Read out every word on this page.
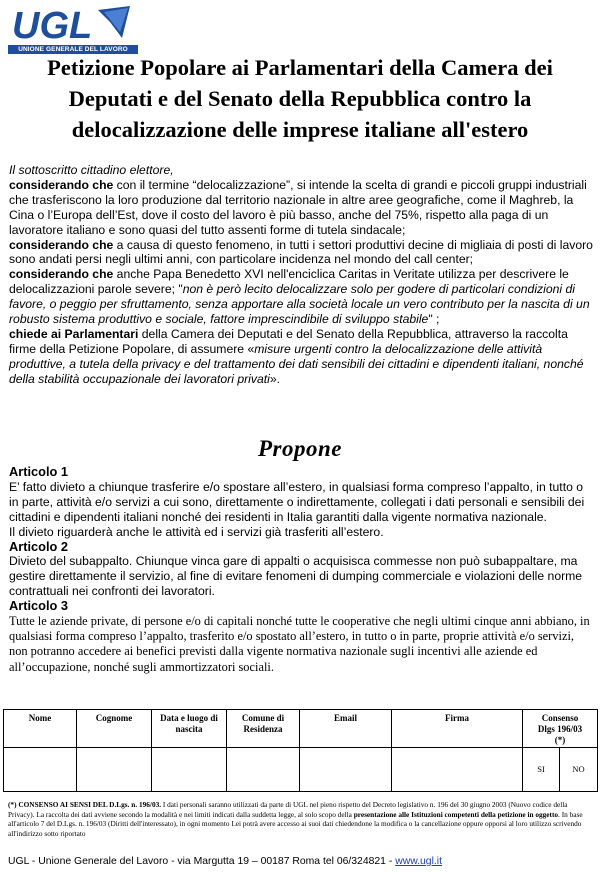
UGL
UNIONE GENERALE DEL LAVORO
Petizione Popolare ai Parlamentari della Camera dei Deputati e del Senato della Repubblica contro la delocalizzazione delle imprese italiane all'estero

Il sottoscritto cittadino elettore,

considerando che con il termine “delocalizzazione”, si intende la scelta di grandi e piccoli gruppi industriali che trasferiscono la loro produzione dal territorio nazionale in altre aree geografiche, come il Maghreb, la Cina o l’Europa dell’Est, dove il costo del lavoro è più basso, anche del 75%, rispetto alla paga di un lavoratore italiano e sono quasi del tutto assenti forme di tutela sindacale;

considerando che a causa di questo fenomeno, in tutti i settori produttivi decine di migliaia di posti di lavoro sono andati persi negli ultimi anni, con particolare incidenza nel mondo del call center;

considerando che anche Papa Benedetto XVI nell'enciclica Caritas in Veritate utilizza per descrivere le delocalizzazioni parole severe; "non è però lecito delocalizzare solo per godere di particolari condizioni di favore, o peggio per sfruttamento, senza apportare alla società locale un vero contributo per la nascita di un robusto sistema produttivo e sociale, fattore imprescindibile di sviluppo stabile" ;

chiede ai Parlamentari della Camera dei Deputati e del Senato della Repubblica, attraverso la raccolta firme della Petizione Popolare, di assumere «misure urgenti contro la delocalizzazione delle attività produttive, a tutela della privacy e del trattamento dei dati sensibili dei cittadini e dipendenti italiani, nonché della stabilità occupazionale dei lavoratori privati».

Propone

Articolo 1

E’ fatto divieto a chiunque trasferire e/o spostare all’estero, in qualsiasi forma compreso l’appalto, in tutto o in parte, attività e/o servizi a cui sono, direttamente o indirettamente, collegati i dati personali e sensibili dei cittadini e dipendenti italiani nonché dei residenti in Italia garantiti dalla vigente normativa nazionale.

Il divieto riguarderà anche le attività ed i servizi già trasferiti all’estero.

Articolo 2

Divieto del subappalto. Chiunque vinca gare di appalti o acquisisca commesse non può subappaltare, ma gestire direttamente il servizio, al fine di evitare fenomeni di dumping commerciale e violazioni delle norme contrattuali nei confronti dei lavoratori.

Articolo 3

Tutte le aziende private, di persone e/o di capitali nonché tutte le cooperative che negli ultimi cinque anni abbiano, in qualsiasi forma compreso l’appalto, trasferito e/o spostato all’estero, in tutto o in parte, proprie attività e/o servizi, non potranno accedere ai benefici previsti dalla vigente normativa nazionale sugli incentivi alle aziende ed all’occupazione, nonché sugli ammortizzatori sociali.

Nome	Cognome	Data e luogo di nascita	Comune di Residenza	Email	Firma	Consenso
Dlgs 196/03
(*)	

						SI	NO
(*) CONSENSO AI SENSI DEL D.Lgs. n. 196/03. I dati personali saranno utilizzati da parte di UGL nel pieno rispetto del Decreto legislativo n. 196 del 30 giugno 2003 (Nuovo codice della Privacy). La raccolta dei dati avviene secondo la modalità e nei limiti indicati dalla suddetta legge, al solo scopo della presentazione alle Istituzioni competenti della petizione in oggetto. In base all'articolo 7 del D.Lgs. n. 196/03 (Diritti dell'interessato), in ogni momento Lei potrà avere accesso ai suoi dati chiedendone la modifica o la cancellazione oppure opporsi al loro utilizzo scrivendo all'indirizzo sotto riportato
UGL - Unione Generale del Lavoro - via Margutta 19 – 00187 Roma tel 06/324821 - www.ugl.it
